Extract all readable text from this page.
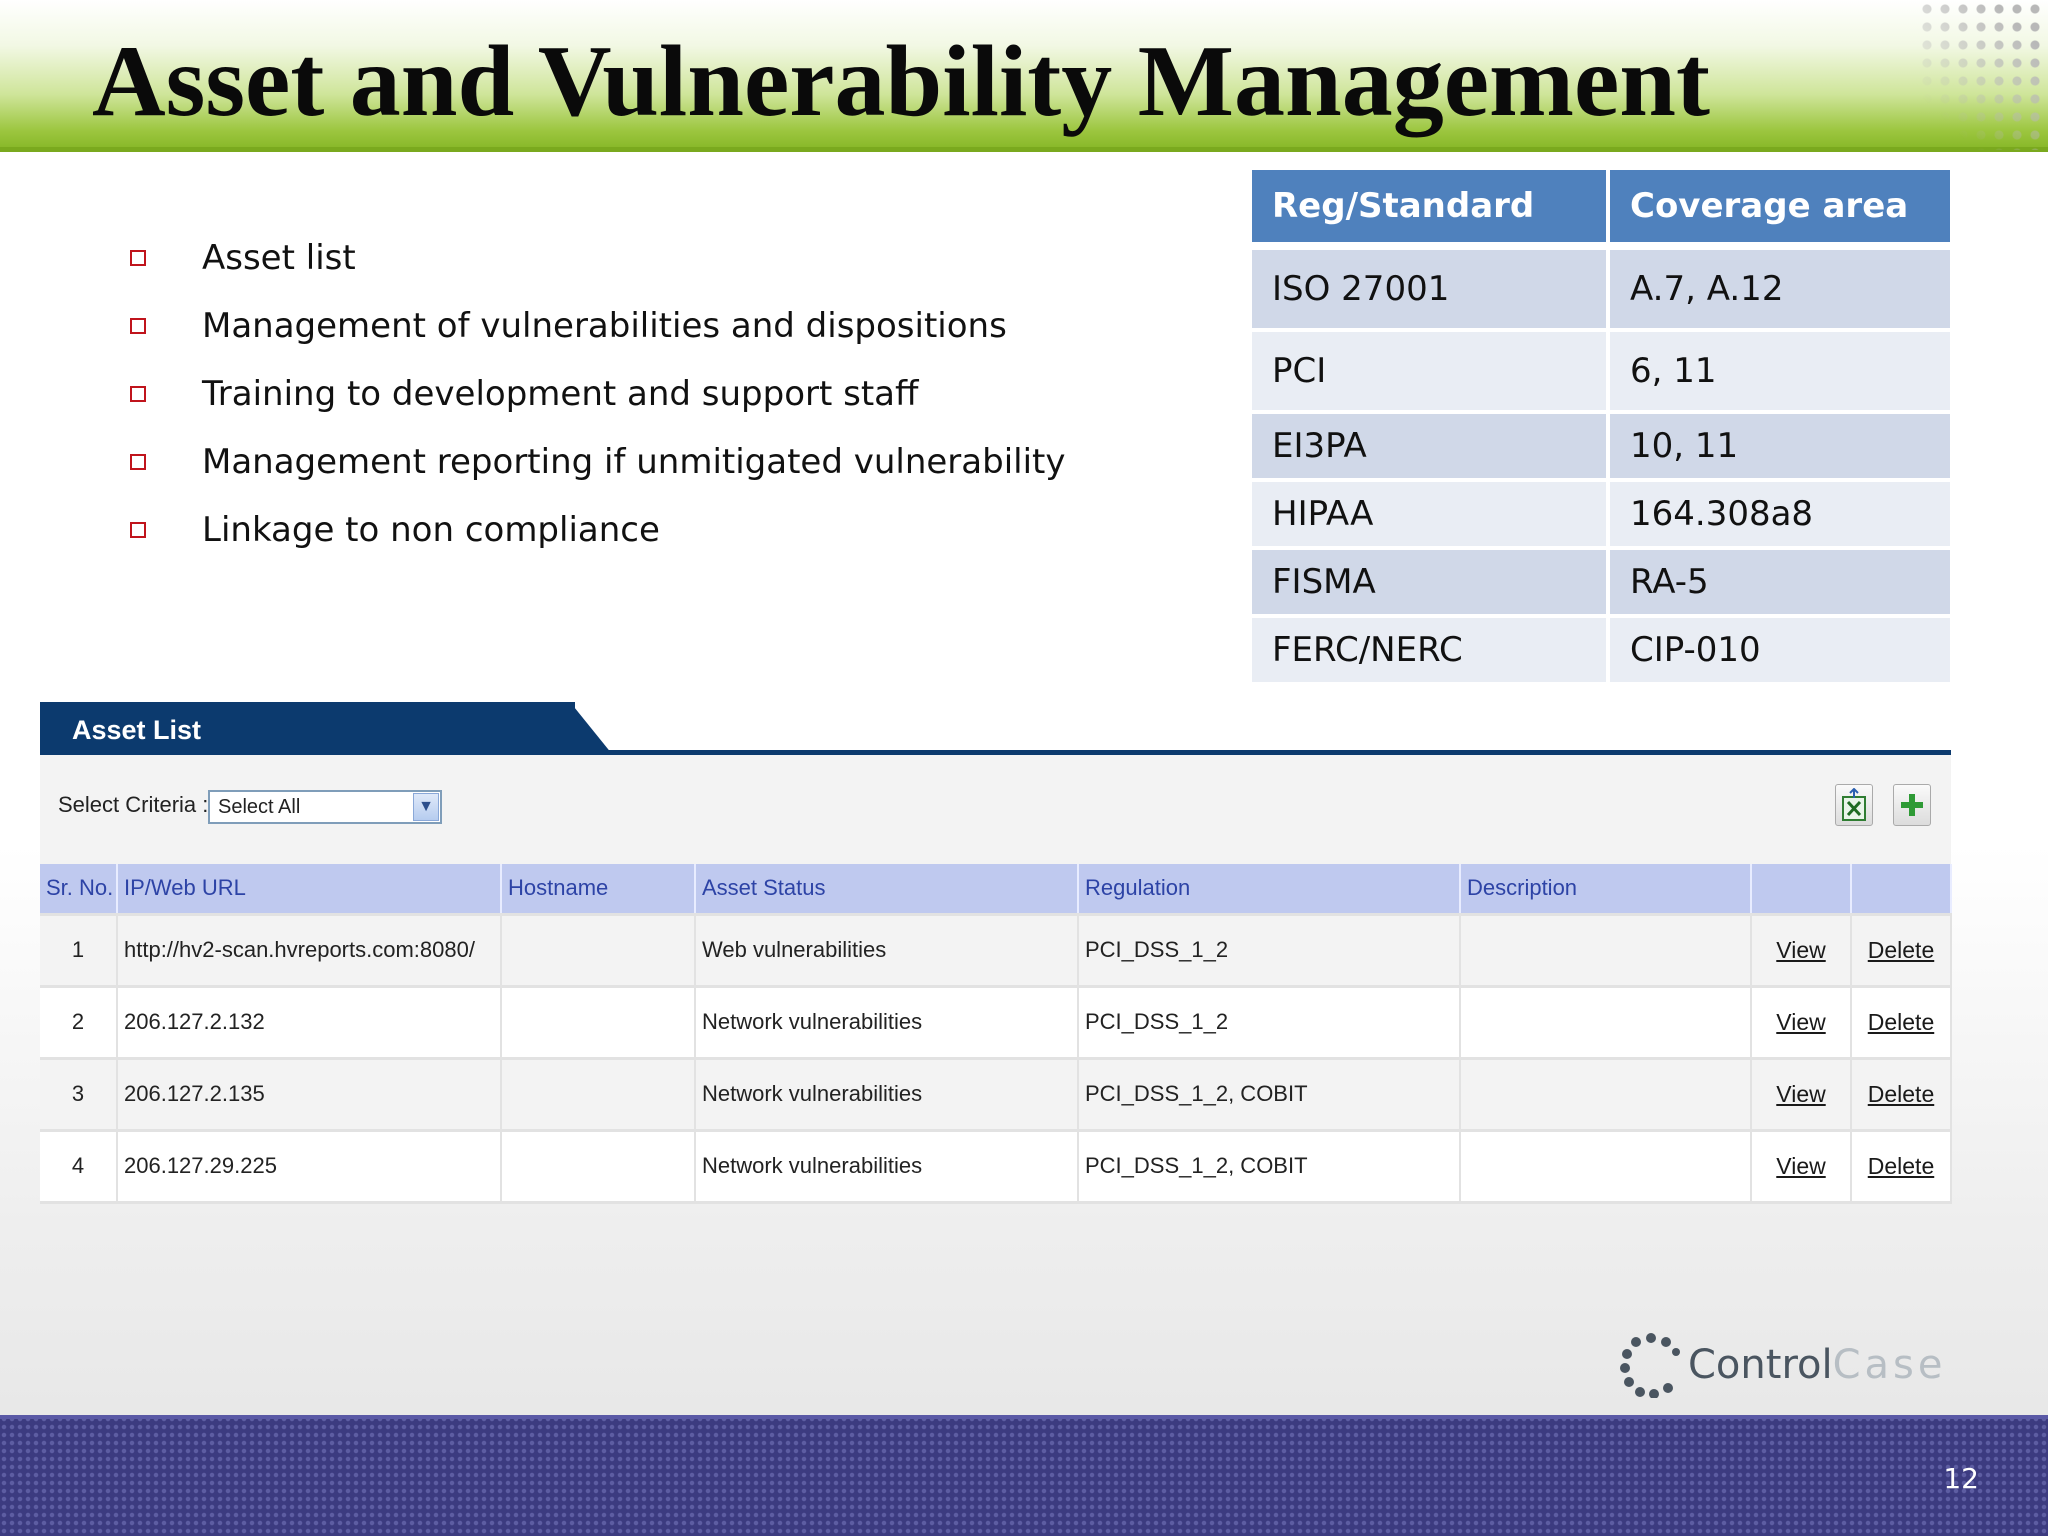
Asset and Vulnerability Management
Asset list
Management of vulnerabilities and dispositions
Training to development and support staff
Management reporting if unmitigated vulnerability
Linkage to non compliance
Reg/Standard	Coverage area
ISO 27001	A.7, A.12
PCI	6, 11
EI3PA	10, 11
HIPAA	164.308a8
FISMA	RA-5
FERC/NERC	CIP-010
Asset List
Select Criteria : Select All	▼
Sr. No.	IP/Web URL	Hostname	Asset Status	Regulation	Description		
1	http://hv2-scan.hvreports.com:8080/		Web vulnerabilities	PCI_DSS_1_2		View	Delete
2	206.127.2.132		Network vulnerabilities	PCI_DSS_1_2		View	Delete
3	206.127.2.135		Network vulnerabilities	PCI_DSS_1_2, COBIT		View	Delete
4	206.127.29.225		Network vulnerabilities	PCI_DSS_1_2, COBIT		View	Delete
Control Case
12
